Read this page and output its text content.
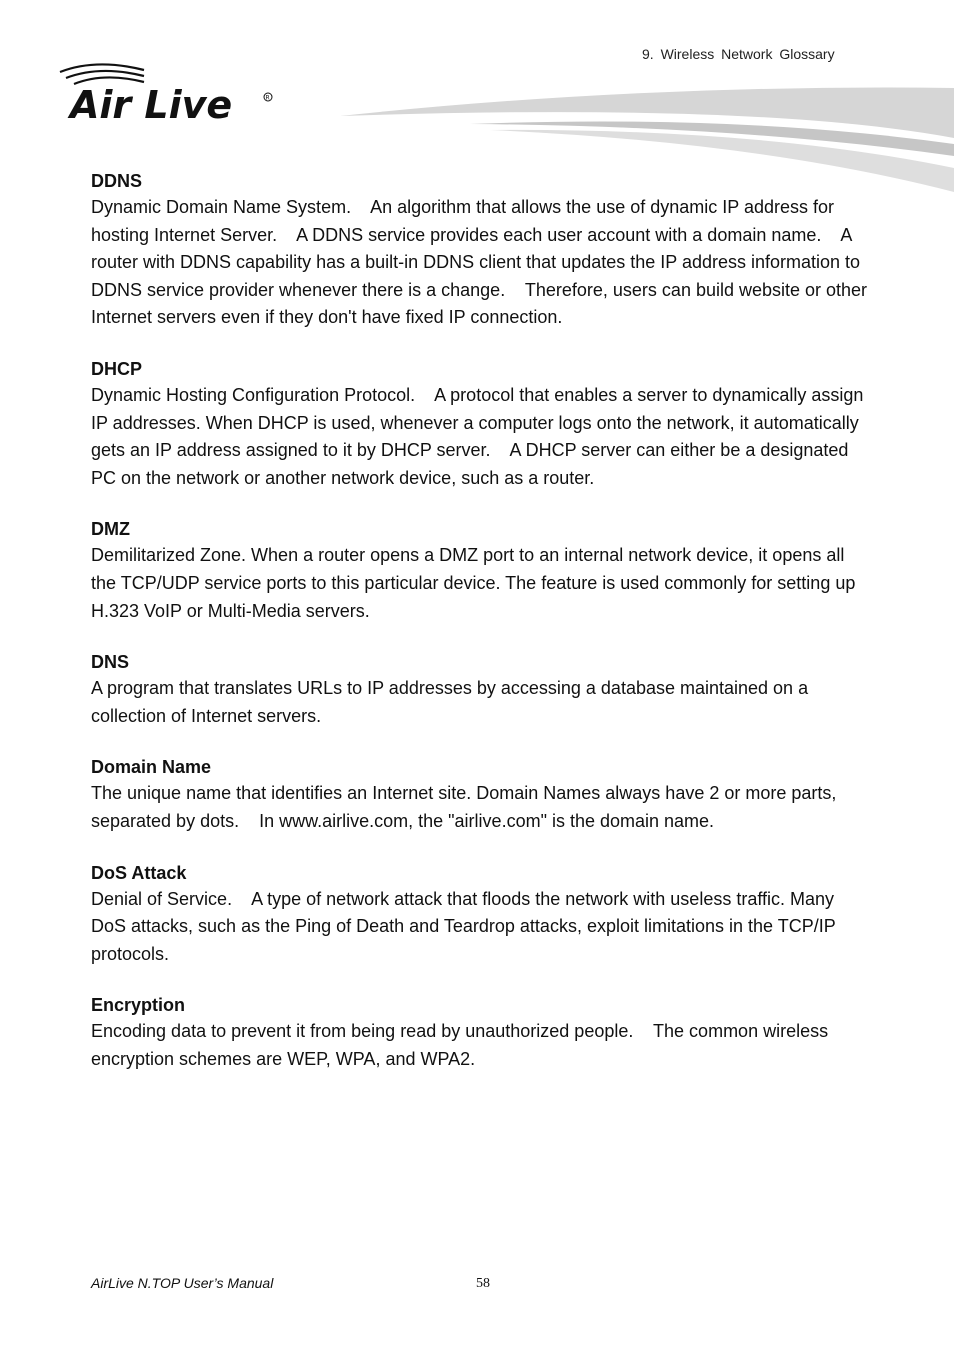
9. Wireless Network Glossary
Air Live	R
DDNS
Dynamic Domain Name System.    An algorithm that allows the use of dynamic IP address for hosting Internet Server.    A DDNS service provides each user account with a domain name.    A router with DDNS capability has a built-in DDNS client that updates the IP address information to DDNS service provider whenever there is a change.    Therefore, users can build website or other Internet servers even if they don't have fixed IP connection.
DHCP
Dynamic Hosting Configuration Protocol.    A protocol that enables a server to dynamically assign IP addresses. When DHCP is used, whenever a computer logs onto the network, it automatically gets an IP address assigned to it by DHCP server.    A DHCP server can either be a designated PC on the network or another network device, such as a router.
DMZ
Demilitarized Zone. When a router opens a DMZ port to an internal network device, it opens all the TCP/UDP service ports to this particular device. The feature is used commonly for setting up H.323 VoIP or Multi-Media servers.
DNS
A program that translates URLs to IP addresses by accessing a database maintained on a collection of Internet servers.
Domain Name
The unique name that identifies an Internet site. Domain Names always have 2 or more parts, separated by dots.    In www.airlive.com, the "airlive.com" is the domain name.
DoS Attack
Denial of Service.    A type of network attack that floods the network with useless traffic. Many DoS attacks, such as the Ping of Death and Teardrop attacks, exploit limitations in the TCP/IP protocols.
Encryption
Encoding data to prevent it from being read by unauthorized people.    The common wireless encryption schemes are WEP, WPA, and WPA2.
AirLive N.TOP User’s Manual	58
